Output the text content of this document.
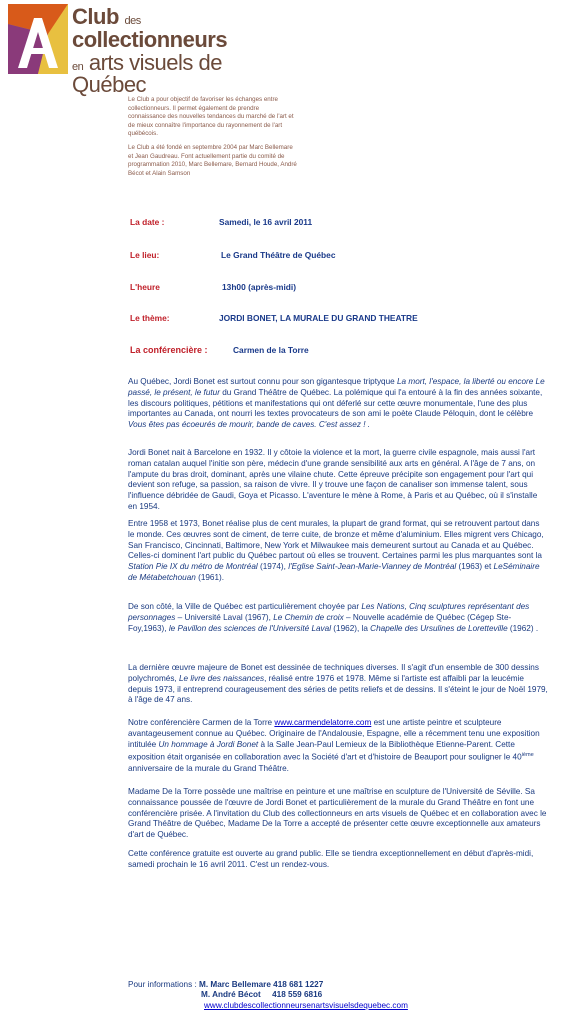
Club des
collectionneurs
en arts visuels de Québec

Le Club a pour objectif de favoriser les échanges entre collectionneurs. Il permet également de prendre connaissance des nouvelles tendances du marché de l'art et de mieux connaître l'importance du rayonnement de l'art québécois.

Le Club a été fondé en septembre 2004 par Marc Bellemare et Jean Gaudreau. Font actuellement partie du comité de programmation 2010, Marc Bellemare, Bernard Houde, André Bécot et Alain Samson

La date :	Samedi, le 16 avril 2011
Le lieu:	Le Grand Théâtre de Québec
L'heure	13h00 (après-midi)
Le thème:	JORDI BONET, LA MURALE DU GRAND THEATRE
La conférencière :	Carmen de la Torre

Au Québec, Jordi Bonet est surtout connu pour son gigantesque triptyque La mort, l'espace, la liberté ou encore Le passé, le présent, le futur du Grand Théâtre de Québec. La polémique qui l'a entouré à la fin des années soixante, les discours politiques, pétitions et manifestations qui ont déferlé sur cette œuvre monumentale, l'une des plus importantes au Canada, ont nourri les textes provocateurs de son ami le poète Claude Péloquin, dont le célèbre Vous êtes pas écoeurés de mourir, bande de caves. C'est assez ! .

Jordi Bonet nait à Barcelone en 1932. Il y côtoie la violence et la mort, la guerre civile espagnole, mais aussi l'art roman catalan auquel l'initie son père, médecin d'une grande sensibilité aux arts en général. A l'âge de 7 ans, on l'ampute du bras droit, dominant, après une vilaine chute. Cette épreuve précipite son engagement pour l'art qui devient son refuge, sa passion, sa raison de vivre. Il y trouve une façon de canaliser son immense talent, sous l'influence débridée de Gaudi, Goya et Picasso. L'aventure le mène à Rome, à Paris et au Québec, où il s'installe en 1954.

Entre 1958 et 1973, Bonet réalise plus de cent murales, la plupart de grand format, qui se retrouvent partout dans le monde. Ces œuvres sont de ciment, de terre cuite, de bronze et même d'aluminium. Elles migrent vers Chicago, San Francisco, Cincinnati, Baltimore, New York et Milwaukee mais demeurent surtout au Canada et au Québec. Celles-ci dominent l'art public du Québec partout où elles se trouvent. Certaines parmi les plus marquantes sont la Station Pie IX du métro de Montréal (1974), l'Eglise Saint-Jean-Marie-Vianney de Montréal (1963) et LeSéminaire de Métabetchouan (1961).

De son côté, la Ville de Québec est particulièrement choyée par Les Nations, Cinq sculptures représentant des personnages – Université Laval (1967), Le Chemin de croix – Nouvelle académie de Québec (Cégep Ste-Foy,1963), le Pavillon des sciences de l'Université Laval (1962), la Chapelle des Ursulines de Loretteville (1962) .

La dernière œuvre majeure de Bonet est dessinée de techniques diverses. Il s'agit d'un ensemble de 300 dessins polychromés, Le livre des naissances, réalisé entre 1976 et 1978. Même si l'artiste est affaibli par la leucémie depuis 1973, il entreprend courageusement des séries de petits reliefs et de dessins. Il s'éteint le jour de Noël 1979, à l'âge de 47 ans.

Notre conférencière Carmen de la Torre www.carmendelatorre.com est une artiste peintre et sculpteure avantageusement connue au Québec. Originaire de l'Andalousie, Espagne, elle a récemment tenu une exposition intitulée Un hommage à Jordi Bonet à la Salle Jean-Paul Lemieux de la Bibliothèque Etienne-Parent. Cette exposition était organisée en collaboration avec la Société d'art et d'histoire de Beauport pour souligner le 40ième anniversaire de la murale du Grand Théâtre.

Madame De la Torre possède une maîtrise en peinture et une maîtrise en sculpture de l'Université de Séville. Sa connaissance poussée de l'œuvre de Jordi Bonet et particulièrement de la murale du Grand Théâtre en font une conférencière prisée. A l'invitation du Club des collectionneurs en arts visuels de Québec et en collaboration avec le Grand Théâtre de Québec, Madame De la Torre a accepté de présenter cette œuvre exceptionnelle aux amateurs d'art de Québec.

Cette conférence gratuite est ouverte au grand public. Elle se tiendra exceptionnellement en début d'après-midi, samedi prochain le 16 avril 2011. C'est un rendez-vous.

Pour informations : M. Marc Bellemare 418 681 1227
M. André Bécot     418 559 6816
www.clubdescollectionneursenartsvisuelsdequebec.com
